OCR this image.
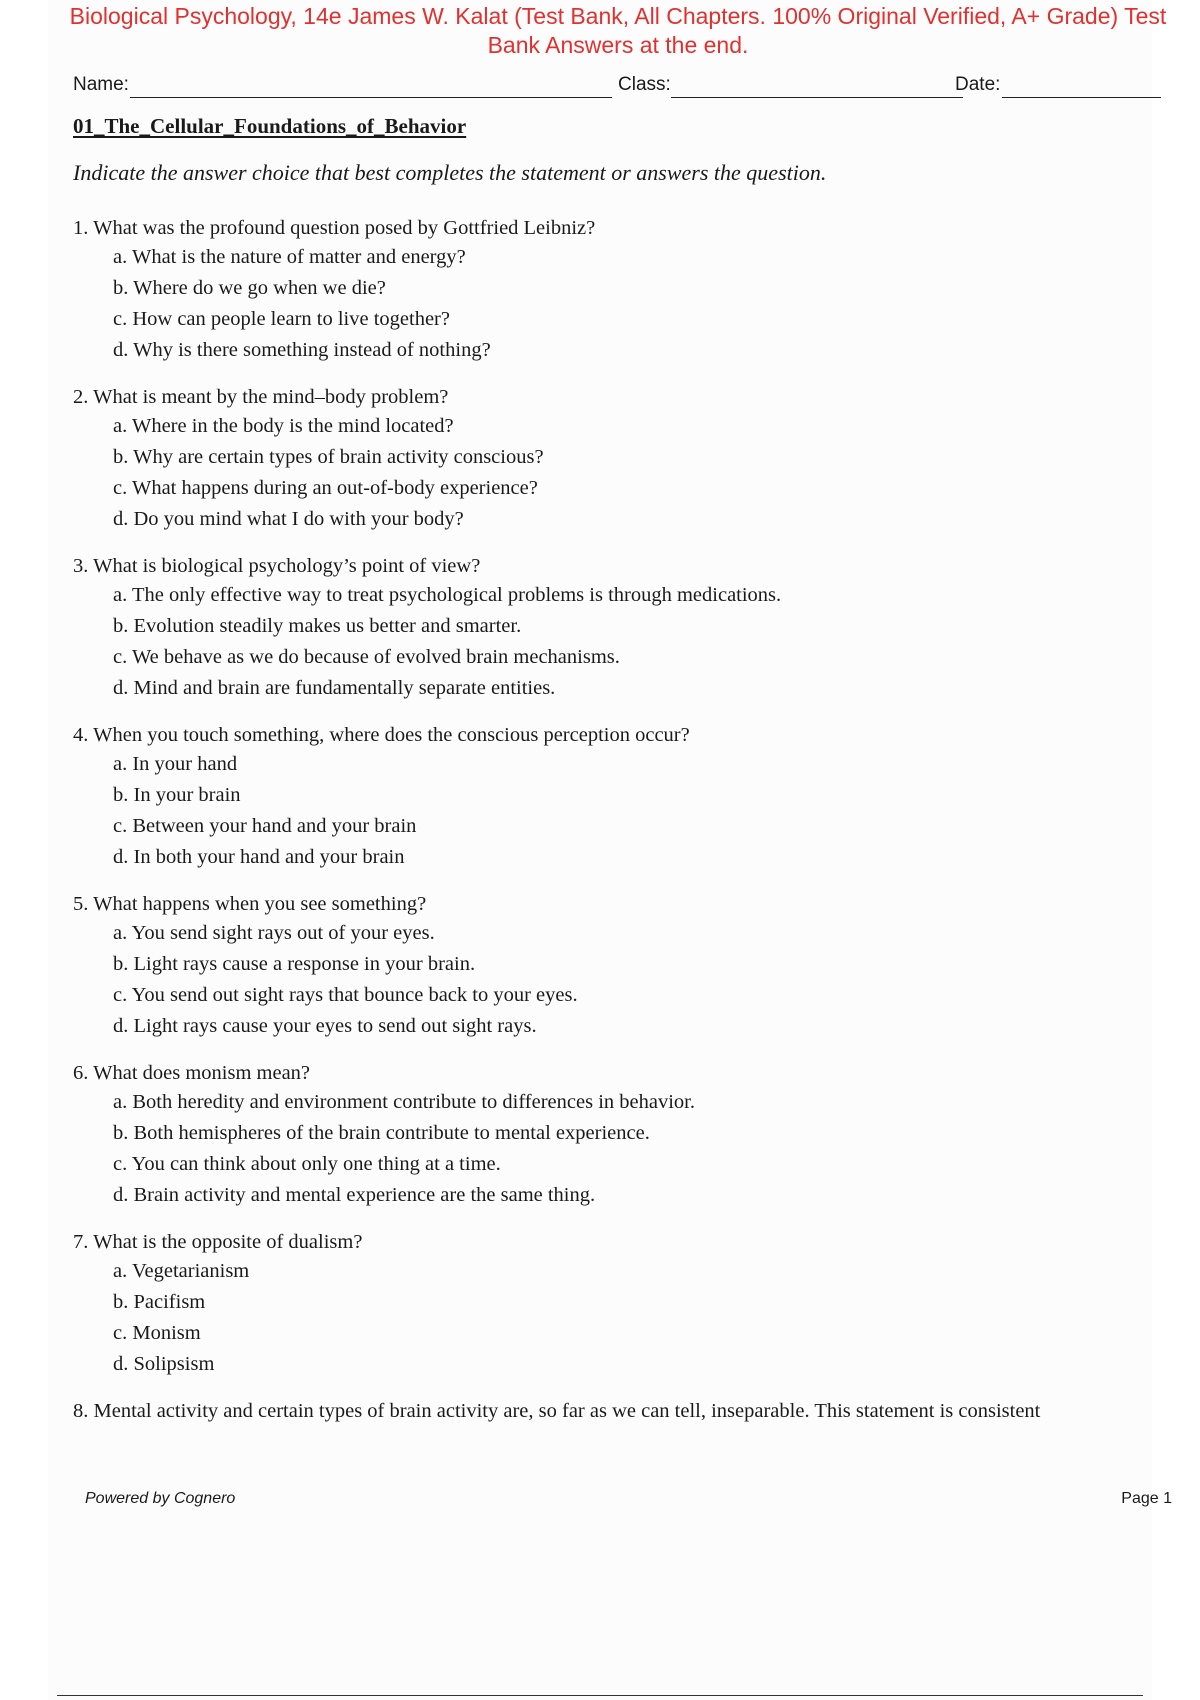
Biological Psychology, 14e James W. Kalat (Test Bank, All Chapters. 100% Original Verified, A+ Grade) Test
Bank Answers at the end.
Name:	Class:	Date:
01_The_Cellular_Foundations_of_Behavior
Indicate the answer choice that best completes the statement or answers the question.
1. What was the profound question posed by Gottfried Leibniz?
a. What is the nature of matter and energy?
b. Where do we go when we die?
c. How can people learn to live together?
d. Why is there something instead of nothing?
2. What is meant by the mind–body problem?
a. Where in the body is the mind located?
b. Why are certain types of brain activity conscious?
c. What happens during an out-of-body experience?
d. Do you mind what I do with your body?
3. What is biological psychology’s point of view?
a. The only effective way to treat psychological problems is through medications.
b. Evolution steadily makes us better and smarter.
c. We behave as we do because of evolved brain mechanisms.
d. Mind and brain are fundamentally separate entities.
4. When you touch something, where does the conscious perception occur?
a. In your hand
b. In your brain
c. Between your hand and your brain
d. In both your hand and your brain
5. What happens when you see something?
a. You send sight rays out of your eyes.
b. Light rays cause a response in your brain.
c. You send out sight rays that bounce back to your eyes.
d. Light rays cause your eyes to send out sight rays.
6. What does monism mean?
a. Both heredity and environment contribute to differences in behavior.
b. Both hemispheres of the brain contribute to mental experience.
c. You can think about only one thing at a time.
d. Brain activity and mental experience are the same thing.
7. What is the opposite of dualism?
a. Vegetarianism
b. Pacifism
c. Monism
d. Solipsism
8. Mental activity and certain types of brain activity are, so far as we can tell, inseparable. This statement is consistent
Powered by Cognero	Page 1
